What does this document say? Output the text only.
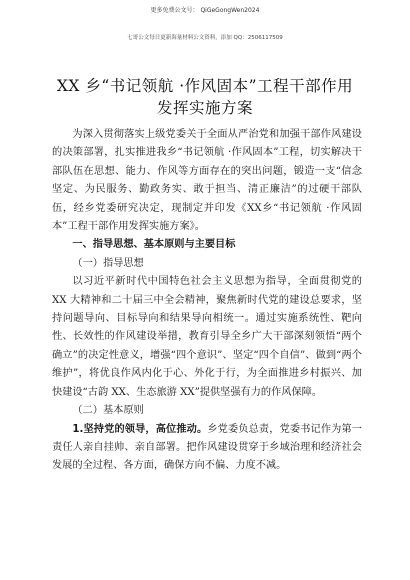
更多免费公文号： QiGeGongWen2024
七哥公文每日更新海量材料公文资料，添加 QQ：2506117509
XX 乡“书记领航 ·作风固本”工程干部作用
发挥实施方案

为深入贯彻落实上级党委关于全面从严治党和加强干部作风建设的决策部署，扎实推进我乡“书记领航 ·作风固本”工程，切实解决干部队伍在思想、能力、作风等方面存在的突出问题，锻造一支“信念坚定、为民服务、勤政务实、敢于担当、清正廉洁”的过硬干部队伍，经乡党委研究决定，现制定并印发《XX乡“书记领航 ·作风固本”工程干部作用发挥实施方案》。

一、指导思想、基本原则与主要目标

（一）指导思想

以习近平新时代中国特色社会主义思想为指导，全面贯彻党的 XX 大精神和二十届三中全会精神，聚焦新时代党的建设总要求，坚持问题导向、目标导向和结果导向相统一。通过实施系统性、靶向性、长效性的作风建设举措，教育引导全乡广大干部深刻领悟“两个确立”的决定性意义，增强“四个意识”、坚定“四个自信”、做到“两个维护”，将优良作风内化于心、外化于行，为全面推进乡村振兴、加快建设“古韵 XX、生态旅游 XX”提供坚强有力的作风保障。

（二）基本原则

1.坚持党的领导，高位推动。乡党委负总责，党委书记作为第一责任人亲自挂帅、亲自部署。把作风建设贯穿于乡域治理和经济社会发展的全过程、各方面，确保方向不偏、力度不减。
